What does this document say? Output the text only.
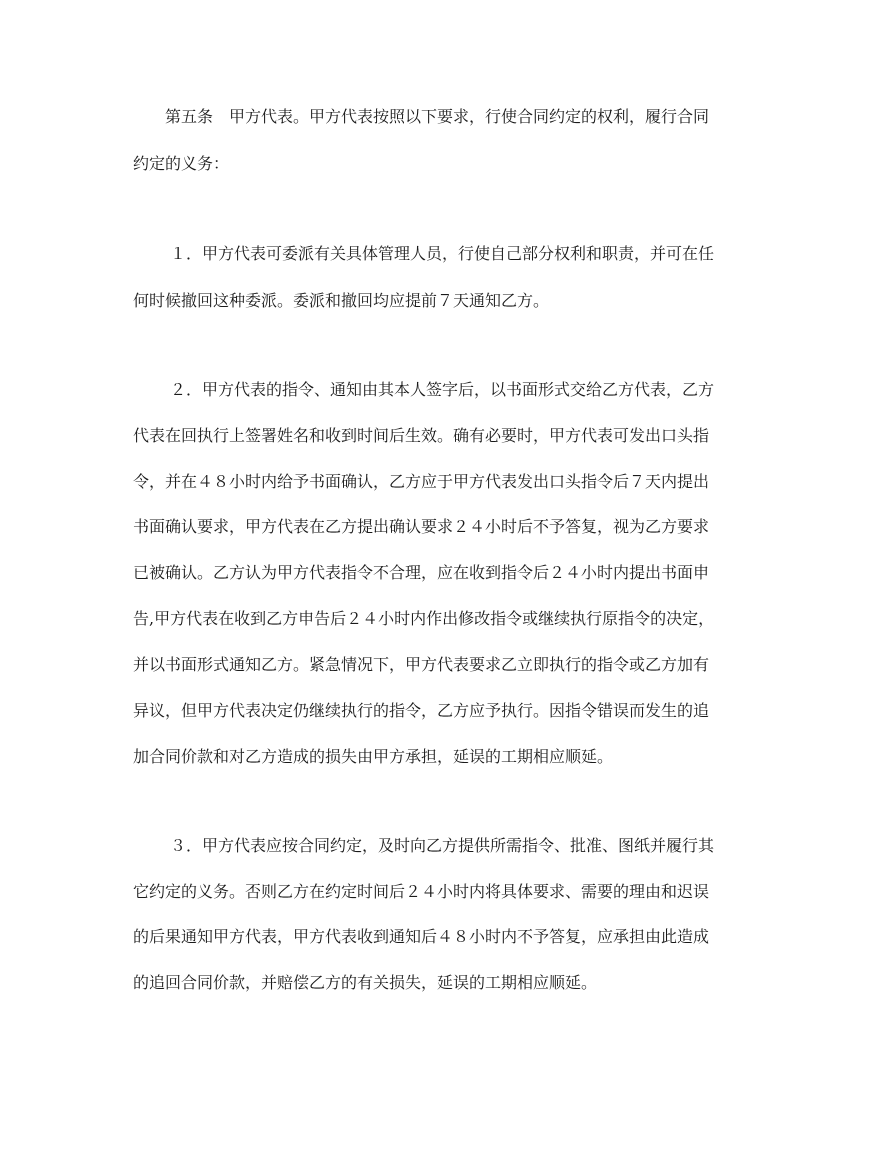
第五条　甲方代表。甲方代表按照以下要求，行使合同约定的权利，履行合同
约定的义务：
１．甲方代表可委派有关具体管理人员，行使自己部分权利和职责，并可在任
何时候撤回这种委派。委派和撤回均应提前７天通知乙方。
２．甲方代表的指令、通知由其本人签字后，以书面形式交给乙方代表，乙方
代表在回执行上签署姓名和收到时间后生效。确有必要时，甲方代表可发出口头指
令，并在４８小时内给予书面确认，乙方应于甲方代表发出口头指令后７天内提出
书面确认要求，甲方代表在乙方提出确认要求２４小时后不予答复，视为乙方要求
已被确认。乙方认为甲方代表指令不合理，应在收到指令后２４小时内提出书面申
告,甲方代表在收到乙方申告后２４小时内作出修改指令或继续执行原指令的决定，
并以书面形式通知乙方。紧急情况下，甲方代表要求乙立即执行的指令或乙方加有
异议，但甲方代表决定仍继续执行的指令，乙方应予执行。因指令错误而发生的追
加合同价款和对乙方造成的损失由甲方承担，延误的工期相应顺延。
３．甲方代表应按合同约定，及时向乙方提供所需指令、批准、图纸并履行其
它约定的义务。否则乙方在约定时间后２４小时内将具体要求、需要的理由和迟误
的后果通知甲方代表，甲方代表收到通知后４８小时内不予答复，应承担由此造成
的追回合同价款，并赔偿乙方的有关损失，延误的工期相应顺延。
